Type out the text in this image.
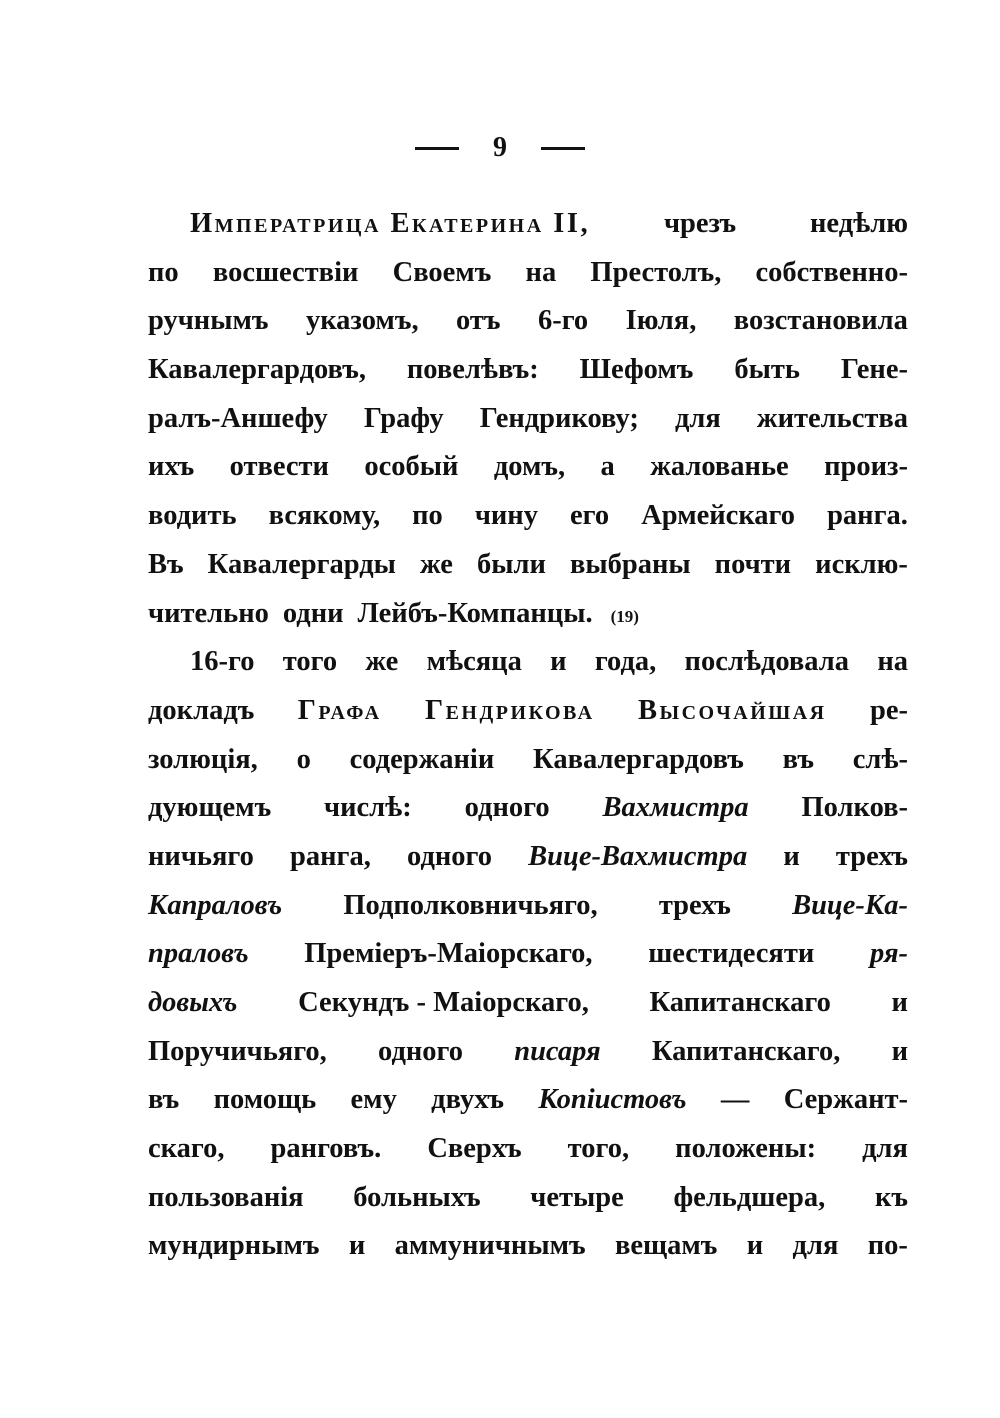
9
Императрица Екатерина II,	чрезъ	недѣлю
по восшествіи Своемъ на Престолъ, собственно-
ручнымъ указомъ, отъ 6-го Іюля, возстановила
Кавалергардовъ, повелѣвъ: Шефомъ быть Гене-
ралъ-Аншефу Графу Гендрикову; для жительства
ихъ отвести особый домъ, а жалованье произ-
водить всякому, по чину его Армейскаго ранга.
Въ Кавалергарды же были выбраны почти исклю-
чительно одни Лейбъ-Компанцы. (19)
16-го того же мѣсяца и года, послѣдовала на
докладъ Графа Гендрикова Высочайшая ре-
золюція, о содержаніи Кавалергардовъ въ слѣ-
дующемъ числѣ: одного Вахмистра Полков-
ничьяго ранга, одного Вице-Вахмистра и трехъ
Капраловъ Подполковничьяго, трехъ Вице-Ка-
праловъ Преміеръ-Маіорскаго, шестидесяти ря-
довыхъ Секундъ - Маіорскаго, Капитанскаго и
Поручичьяго, одного писаря Капитанскаго, и
въ помощь ему двухъ Копіистовъ — Сержант-
скаго, ранговъ. Сверхъ того, положены: для
пользованія больныхъ четыре фельдшера, къ
мундирнымъ и аммуничнымъ вещамъ и для по-
